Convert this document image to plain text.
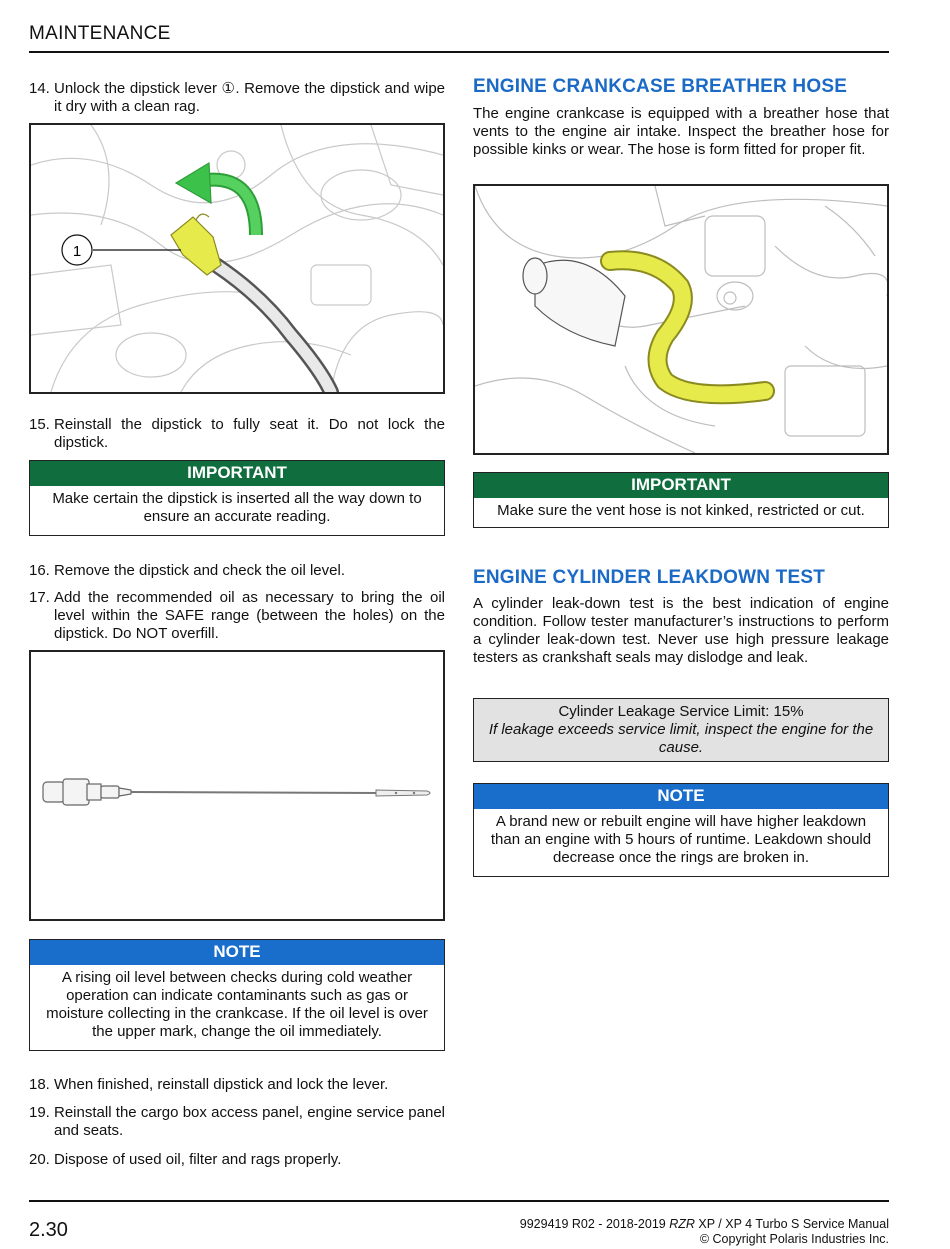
MAINTENANCE
14. Unlock the dipstick lever ①. Remove the dipstick and wipe it dry with a clean rag.
1
15. Reinstall the dipstick to fully seat it. Do not lock the dipstick.
IMPORTANT
Make certain the dipstick is inserted all the way down to ensure an accurate reading.
16. Remove the dipstick and check the oil level.
17. Add the recommended oil as necessary to bring the oil level within the SAFE range (between the holes) on the dipstick. Do NOT overfill.
NOTE
A rising oil level between checks during cold weather operation can indicate contaminants such as gas or moisture collecting in the crankcase. If the oil level is over the upper mark, change the oil immediately.
18. When finished, reinstall dipstick and lock the lever.
19. Reinstall the cargo box access panel, engine service panel and seats.
20. Dispose of used oil, filter and rags properly.
ENGINE CRANKCASE BREATHER HOSE
The engine crankcase is equipped with a breather hose that vents to the engine air intake. Inspect the breather hose for possible kinks or wear. The hose is form fitted for proper fit.
IMPORTANT
Make sure the vent hose is not kinked, restricted or cut.
ENGINE CYLINDER LEAKDOWN TEST
A cylinder leak-down test is the best indication of engine condition. Follow tester manufacturer’s instructions to perform a cylinder leak-down test. Never use high pressure leakage testers as crankshaft seals may dislodge and leak.
Cylinder Leakage Service Limit: 15%
If leakage exceeds service limit, inspect the engine for the cause.
NOTE
A brand new or rebuilt engine will have higher leakdown than an engine with 5 hours of runtime. Leakdown should decrease once the rings are broken in.
2.30	9929419 R02 - 2018-2019 RZR XP / XP 4 Turbo S Service Manual
© Copyright Polaris Industries Inc.
